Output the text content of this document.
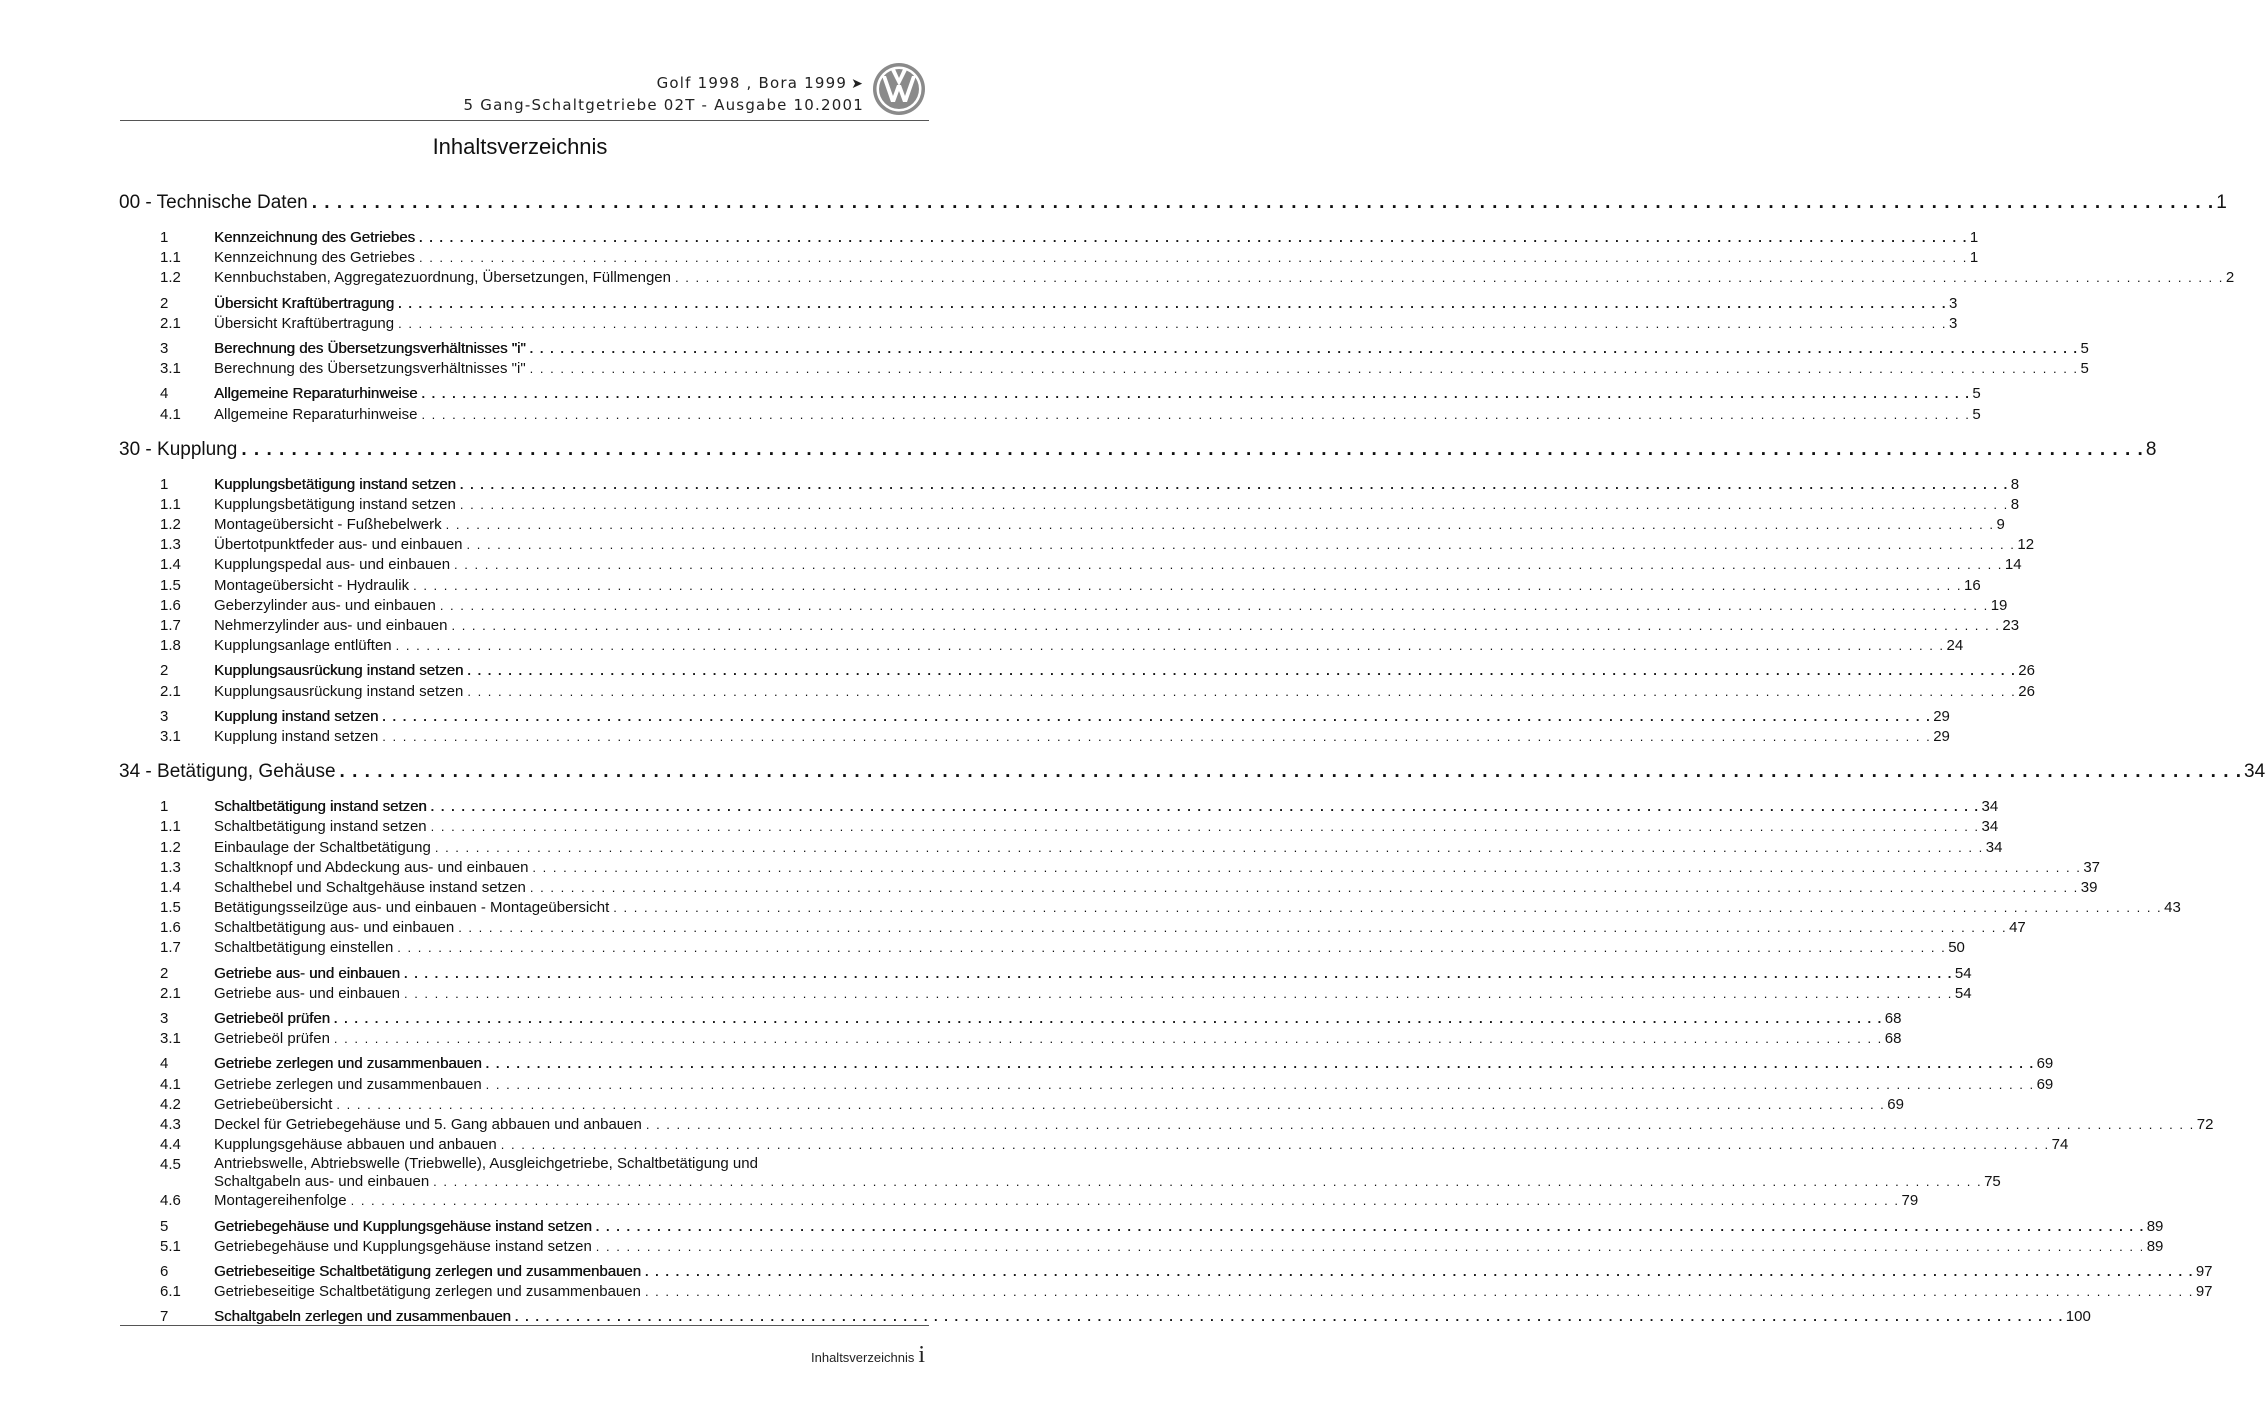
Golf 1998 , Bora 1999 ➤
5 Gang-Schaltgetriebe 02T - Ausgabe 10.2001
Inhaltsverzeichnis
00 - Technische Daten . . .	1
1	Kennzeichnung des Getriebes . . .	1
1.1	Kennzeichnung des Getriebes . . .	1
1.2	Kennbuchstaben, Aggregatezuordnung, Übersetzungen, Füllmengen . . .	2
2	Übersicht Kraftübertragung . . .	3
2.1	Übersicht Kraftübertragung . . .	3
3	Berechnung des Übersetzungsverhältnisses "i" . . .	5
3.1	Berechnung des Übersetzungsverhältnisses "i" . . .	5
4	Allgemeine Reparaturhinweise . . .	5
4.1	Allgemeine Reparaturhinweise . . .	5
30 - Kupplung . . .	8
1	Kupplungsbetätigung instand setzen . . .	8
1.1	Kupplungsbetätigung instand setzen . . .	8
1.2	Montageübersicht - Fußhebelwerk . . .	9
1.3	Übertotpunktfeder aus- und einbauen . . .	12
1.4	Kupplungspedal aus- und einbauen . . .	14
1.5	Montageübersicht - Hydraulik . . .	16
1.6	Geberzylinder aus- und einbauen . . .	19
1.7	Nehmerzylinder aus- und einbauen . . .	23
1.8	Kupplungsanlage entlüften . . .	24
2	Kupplungsausrückung instand setzen . . .	26
2.1	Kupplungsausrückung instand setzen . . .	26
3	Kupplung instand setzen . . .	29
3.1	Kupplung instand setzen . . .	29
34 - Betätigung, Gehäuse . . .	34
1	Schaltbetätigung instand setzen . . .	34
1.1	Schaltbetätigung instand setzen . . .	34
1.2	Einbaulage der Schaltbetätigung . . .	34
1.3	Schaltknopf und Abdeckung aus- und einbauen . . .	37
1.4	Schalthebel und Schaltgehäuse instand setzen . . .	39
1.5	Betätigungsseilzüge aus- und einbauen - Montageübersicht . . .	43
1.6	Schaltbetätigung aus- und einbauen . . .	47
1.7	Schaltbetätigung einstellen . . .	50
2	Getriebe aus- und einbauen . . .	54
2.1	Getriebe aus- und einbauen . . .	54
3	Getriebeöl prüfen . . .	68
3.1	Getriebeöl prüfen . . .	68
4	Getriebe zerlegen und zusammenbauen . . .	69
4.1	Getriebe zerlegen und zusammenbauen . . .	69
4.2	Getriebeübersicht . . .	69
4.3	Deckel für Getriebegehäuse und 5. Gang abbauen und anbauen . . .	72
4.4	Kupplungsgehäuse abbauen und anbauen . . .	74
4.5	Antriebswelle, Abtriebswelle (Triebwelle), Ausgleichgetriebe, Schaltbetätigung und
Schaltgabeln aus- und einbauen . . .	75
4.6	Montagereihenfolge . . .	79
5	Getriebegehäuse und Kupplungsgehäuse instand setzen . . .	89
5.1	Getriebegehäuse und Kupplungsgehäuse instand setzen . . .	89
6	Getriebeseitige Schaltbetätigung zerlegen und zusammenbauen . . .	97
6.1	Getriebeseitige Schaltbetätigung zerlegen und zusammenbauen . . .	97
7	Schaltgabeln zerlegen und zusammenbauen . . .	100
Inhaltsverzeichnis i
